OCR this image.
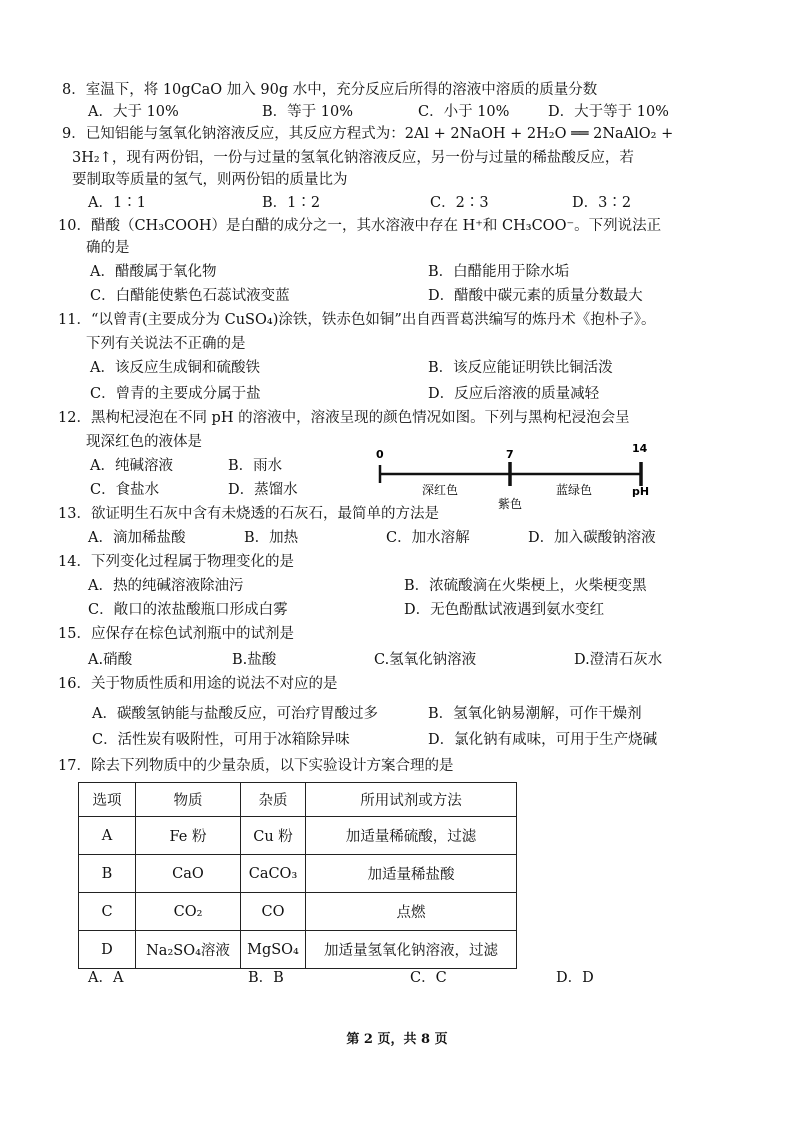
8．室温下，将 10gCaO 加入 90g 水中，充分反应后所得的溶液中溶质的质量分数
A．大于 10%	B．等于 10%	C．小于 10%	D．大于等于 10%
9．已知铝能与氢氧化钠溶液反应，其反应方程式为：2Al + 2NaOH + 2H₂O ══ 2NaAlO₂ +
3H₂↑，现有两份铝，一份与过量的氢氧化钠溶液反应，另一份与过量的稀盐酸反应，若
要制取等质量的氢气，则两份铝的质量比为
A．1∶1	B．1∶2	C．2∶3	D．3∶2
10．醋酸（CH₃COOH）是白醋的成分之一，其水溶液中存在 H⁺和 CH₃COO⁻。下列说法正
确的是
A．醋酸属于氧化物	B．白醋能用于除水垢
C．白醋能使紫色石蕊试液变蓝	D．醋酸中碳元素的质量分数最大
11．“以曾青(主要成分为 CuSO₄)涂铁，铁赤色如铜”出自西晋葛洪编写的炼丹术《抱朴子》。
下列有关说法不正确的是
A．该反应生成铜和硫酸铁	B．该反应能证明铁比铜活泼
C．曾青的主要成分属于盐	D．反应后溶液的质量减轻
12．黑枸杞浸泡在不同 pH 的溶液中，溶液呈现的颜色情况如图。下列与黑枸杞浸泡会呈
现深红色的液体是
A．纯碱溶液	B．雨水
C．食盐水	D．蒸馏水
0	7	14
深红色
紫色
蓝绿色	pH
13．欲证明生石灰中含有未烧透的石灰石，最简单的方法是
A．滴加稀盐酸	B．加热	C．加水溶解	D．加入碳酸钠溶液
14．下列变化过程属于物理变化的是
A．热的纯碱溶液除油污	B．浓硫酸滴在火柴梗上，火柴梗变黑
C．敞口的浓盐酸瓶口形成白雾	D．无色酚酞试液遇到氨水变红
15．应保存在棕色试剂瓶中的试剂是
A.硝酸	B.盐酸	C.氢氧化钠溶液	D.澄清石灰水
16．关于物质性质和用途的说法不对应的是
A．碳酸氢钠能与盐酸反应，可治疗胃酸过多	B．氢氧化钠易潮解，可作干燥剂
C．活性炭有吸附性，可用于冰箱除异味	D．氯化钠有咸味，可用于生产烧碱
17．除去下列物质中的少量杂质，以下实验设计方案合理的是
选项	物质	杂质	所用试剂或方法
A	Fe 粉	Cu 粉	加适量稀硫酸，过滤
B	CaO	CaCO₃	加适量稀盐酸
C	CO₂	CO	点燃
D	Na₂SO₄溶液	MgSO₄	加适量氢氧化钠溶液，过滤
A．A	B．B	C．C	D．D
第 2 页，共 8 页
